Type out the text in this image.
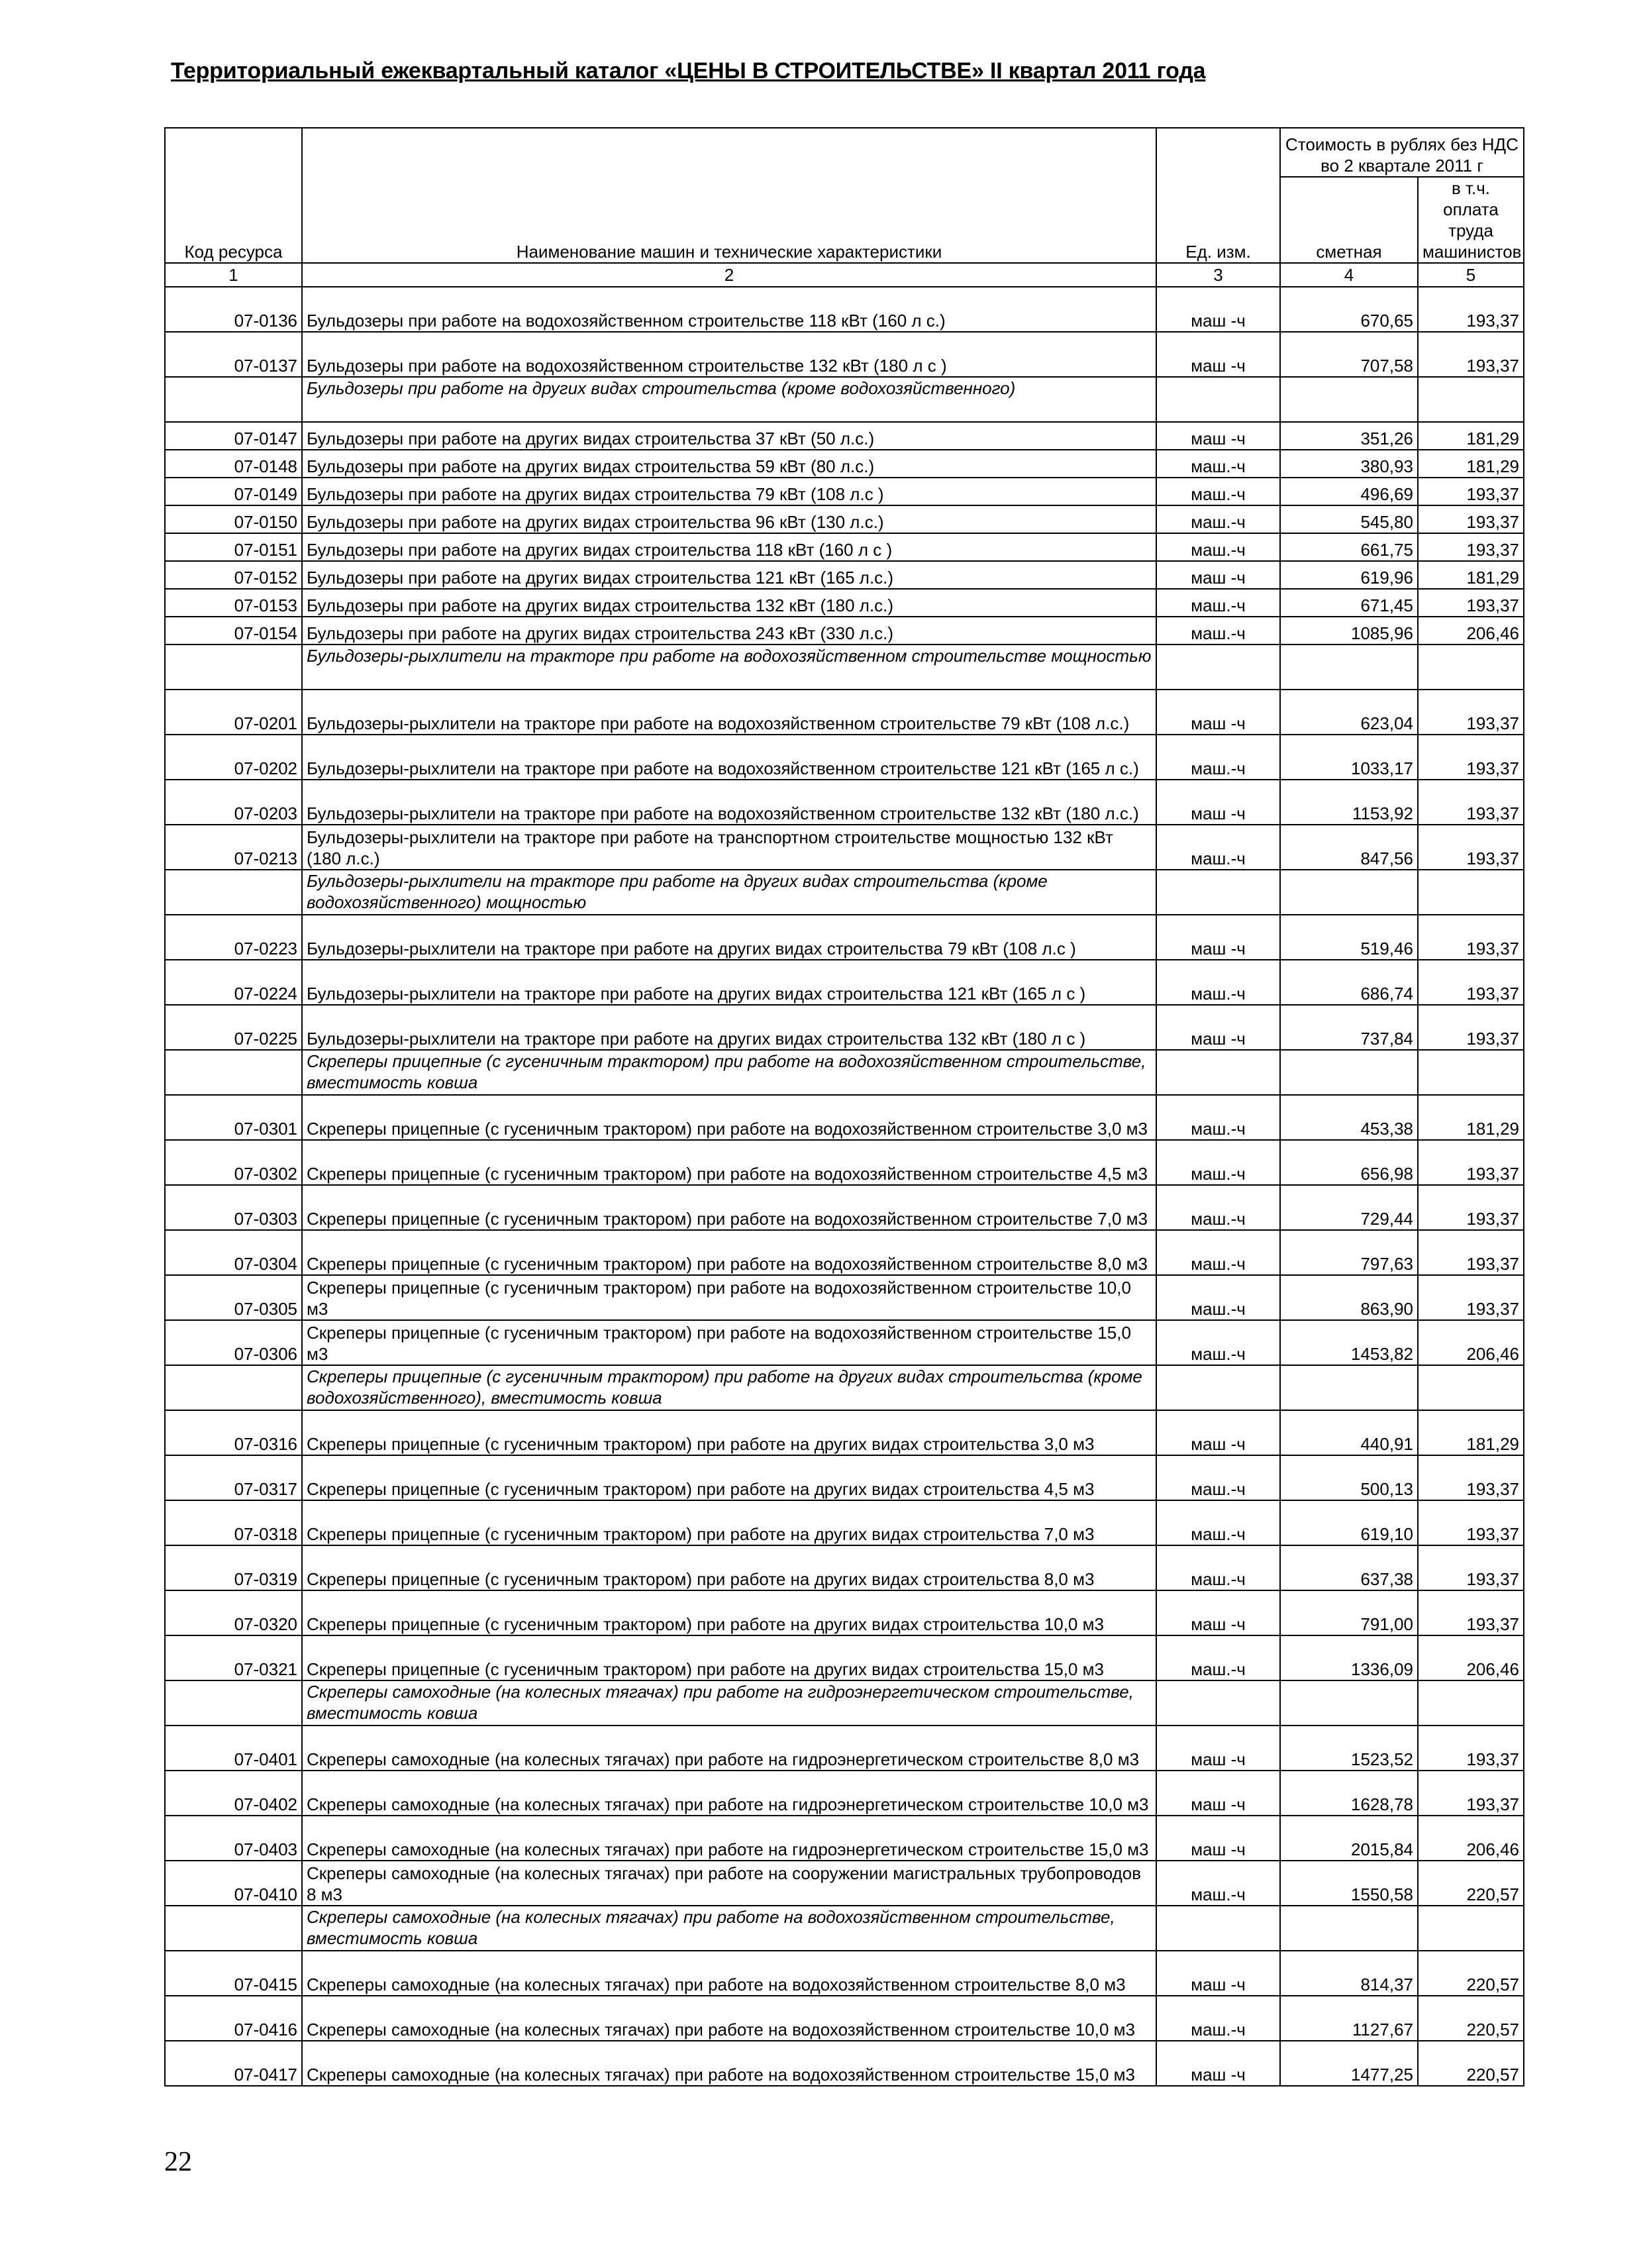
Территориальный ежеквартальный каталог «ЦЕНЫ В СТРОИТЕЛЬСТВЕ» II квартал 2011 года
Код ресурса	Наименование машин и технические характеристики	Ед. изм.	Стоимость в рублях без НДС во 2 квартале 2011 г	
			сметная	в т.ч. оплата труда машинистов
1	2	3	4	5
07-0136	Бульдозеры при работе на водохозяйственном строительстве 118 кВт (160 л с.)	маш -ч	670,65	193,37
07-0137	Бульдозеры при работе на водохозяйственном строительстве 132 кВт (180 л с )	маш -ч	707,58	193,37
	Бульдозеры при работе на других видах строительства (кроме водохозяйственного)			
07-0147	Бульдозеры при работе на других видах строительства 37 кВт (50 л.с.)	маш -ч	351,26	181,29
07-0148	Бульдозеры при работе на других видах строительства 59 кВт (80 л.с.)	маш.-ч	380,93	181,29
07-0149	Бульдозеры при работе на других видах строительства 79 кВт (108 л.с )	маш.-ч	496,69	193,37
07-0150	Бульдозеры при работе на других видах строительства 96 кВт (130 л.с.)	маш.-ч	545,80	193,37
07-0151	Бульдозеры при работе на других видах строительства 118 кВт (160 л с )	маш.-ч	661,75	193,37
07-0152	Бульдозеры при работе на других видах строительства 121 кВт (165 л.с.)	маш -ч	619,96	181,29
07-0153	Бульдозеры при работе на других видах строительства 132 кВт (180 л.с.)	маш.-ч	671,45	193,37
07-0154	Бульдозеры при работе на других видах строительства 243 кВт (330 л.с.)	маш.-ч	1085,96	206,46
	Бульдозеры-рыхлители на тракторе при работе на водохозяйственном строительстве мощностью			
07-0201	Бульдозеры-рыхлители на тракторе при работе на водохозяйственном строительстве 79 кВт (108 л.с.)	маш -ч	623,04	193,37
07-0202	Бульдозеры-рыхлители на тракторе при работе на водохозяйственном строительстве 121 кВт (165 л с.)	маш.-ч	1033,17	193,37
07-0203	Бульдозеры-рыхлители на тракторе при работе на водохозяйственном строительстве 132 кВт (180 л.с.)	маш -ч	1153,92	193,37
07-0213	Бульдозеры-рыхлители на тракторе при работе на транспортном строительстве мощностью 132 кВт (180 л.с.)	маш.-ч	847,56	193,37
	Бульдозеры-рыхлители на тракторе при работе на других видах строительства (кроме водохозяйственного) мощностью			
07-0223	Бульдозеры-рыхлители на тракторе при работе на других видах строительства 79 кВт (108 л.с )	маш -ч	519,46	193,37
07-0224	Бульдозеры-рыхлители на тракторе при работе на других видах строительства 121 кВт (165 л с )	маш.-ч	686,74	193,37
07-0225	Бульдозеры-рыхлители на тракторе при работе на других видах строительства 132 кВт (180 л с )	маш -ч	737,84	193,37
	Скреперы прицепные (с гусеничным трактором) при работе на водохозяйственном строительстве, вместимость ковша			
07-0301	Скреперы прицепные (с гусеничным трактором) при работе на водохозяйственном строительстве 3,0 м3	маш.-ч	453,38	181,29
07-0302	Скреперы прицепные (с гусеничным трактором) при работе на водохозяйственном строительстве 4,5 м3	маш.-ч	656,98	193,37
07-0303	Скреперы прицепные (с гусеничным трактором) при работе на водохозяйственном строительстве 7,0 м3	маш.-ч	729,44	193,37
07-0304	Скреперы прицепные (с гусеничным трактором) при работе на водохозяйственном строительстве 8,0 м3	маш.-ч	797,63	193,37
07-0305	Скреперы прицепные (с гусеничным трактором) при работе на водохозяйственном строительстве 10,0 м3	маш.-ч	863,90	193,37
07-0306	Скреперы прицепные (с гусеничным трактором) при работе на водохозяйственном строительстве 15,0 м3	маш.-ч	1453,82	206,46
	Скреперы прицепные (с гусеничным трактором) при работе на других видах строительства (кроме водохозяйственного), вместимость ковша			
07-0316	Скреперы прицепные (с гусеничным трактором) при работе на других видах строительства 3,0 м3	маш -ч	440,91	181,29
07-0317	Скреперы прицепные (с гусеничным трактором) при работе на других видах строительства 4,5 м3	маш.-ч	500,13	193,37
07-0318	Скреперы прицепные (с гусеничным трактором) при работе на других видах строительства 7,0 м3	маш.-ч	619,10	193,37
07-0319	Скреперы прицепные (с гусеничным трактором) при работе на других видах строительства 8,0 м3	маш.-ч	637,38	193,37
07-0320	Скреперы прицепные (с гусеничным трактором) при работе на других видах строительства 10,0 м3	маш -ч	791,00	193,37
07-0321	Скреперы прицепные (с гусеничным трактором) при работе на других видах строительства 15,0 м3	маш.-ч	1336,09	206,46
	Скреперы самоходные (на колесных тягачах) при работе на гидроэнергетическом строительстве, вместимость ковша			
07-0401	Скреперы самоходные (на колесных тягачах) при работе на гидроэнергетическом строительстве 8,0 м3	маш -ч	1523,52	193,37
07-0402	Скреперы самоходные (на колесных тягачах) при работе на гидроэнергетическом строительстве 10,0 м3	маш -ч	1628,78	193,37
07-0403	Скреперы самоходные (на колесных тягачах) при работе на гидроэнергетическом строительстве 15,0 м3	маш -ч	2015,84	206,46
07-0410	Скреперы самоходные (на колесных тягачах) при работе на сооружении магистральных трубопроводов 8 м3	маш.-ч	1550,58	220,57
	Скреперы самоходные (на колесных тягачах) при работе на водохозяйственном строительстве, вместимость ковша			
07-0415	Скреперы самоходные (на колесных тягачах) при работе на водохозяйственном строительстве 8,0 м3	маш -ч	814,37	220,57
07-0416	Скреперы самоходные (на колесных тягачах) при работе на водохозяйственном строительстве 10,0 м3	маш.-ч	1127,67	220,57
07-0417	Скреперы самоходные (на колесных тягачах) при работе на водохозяйственном строительстве 15,0 м3	маш -ч	1477,25	220,57
22
